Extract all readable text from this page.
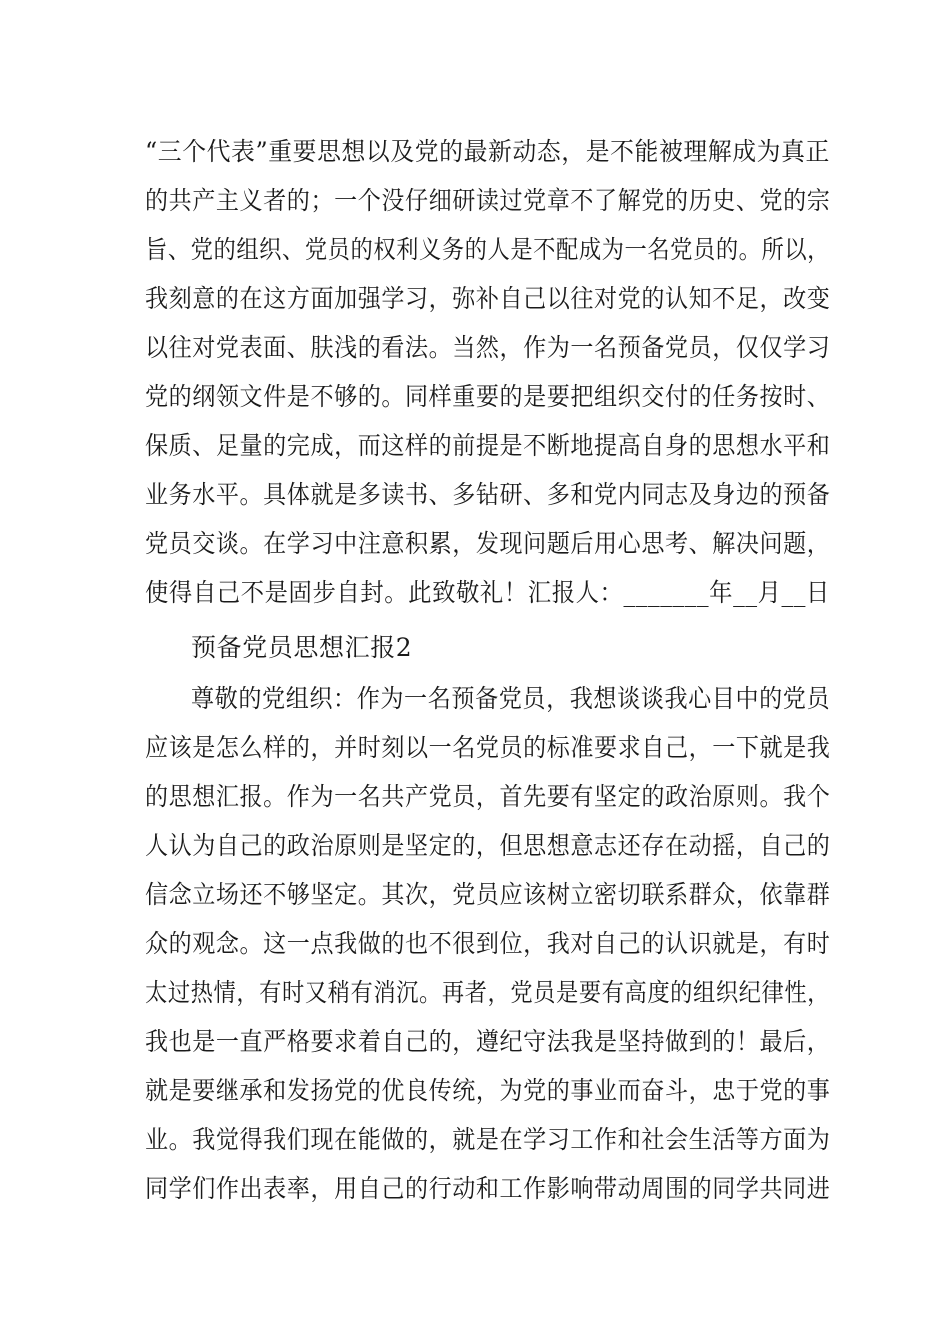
“三个代表”重要思想以及党的最新动态，是不能被理解成为真正
的共产主义者的；一个没仔细研读过党章不了解党的历史、党的宗
旨、党的组织、党员的权利义务的人是不配成为一名党员的。所以，
我刻意的在这方面加强学习，弥补自己以往对党的认知不足，改变
以往对党表面、肤浅的看法。当然，作为一名预备党员，仅仅学习
党的纲领文件是不够的。同样重要的是要把组织交付的任务按时、
保质、足量的完成，而这样的前提是不断地提高自身的思想水平和
业务水平。具体就是多读书、多钻研、多和党内同志及身边的预备
党员交谈。在学习中注意积累，发现问题后用心思考、解决问题，
使得自己不是固步自封。此致敬礼！汇报人：_______年__月__日
预备党员思想汇报2
尊敬的党组织：作为一名预备党员，我想谈谈我心目中的党员
应该是怎么样的，并时刻以一名党员的标准要求自己，一下就是我
的思想汇报。作为一名共产党员，首先要有坚定的政治原则。我个
人认为自己的政治原则是坚定的，但思想意志还存在动摇，自己的
信念立场还不够坚定。其次，党员应该树立密切联系群众，依靠群
众的观念。这一点我做的也不很到位，我对自己的认识就是，有时
太过热情，有时又稍有消沉。再者，党员是要有高度的组织纪律性，
我也是一直严格要求着自己的，遵纪守法我是坚持做到的！最后，
就是要继承和发扬党的优良传统，为党的事业而奋斗，忠于党的事
业。我觉得我们现在能做的，就是在学习工作和社会生活等方面为
同学们作出表率，用自己的行动和工作影响带动周围的同学共同进
